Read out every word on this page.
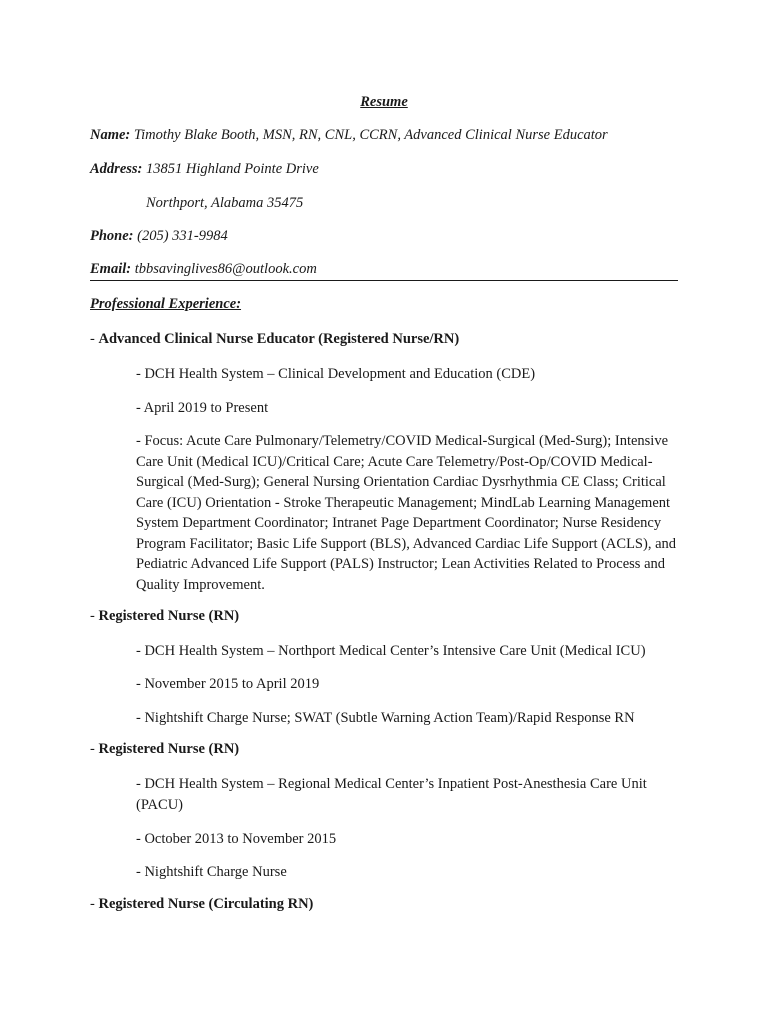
Resume
Name: Timothy Blake Booth, MSN, RN, CNL, CCRN, Advanced Clinical Nurse Educator
Address: 13851 Highland Pointe Drive
Northport, Alabama 35475
Phone: (205) 331-9984
Email: tbbsavinglives86@outlook.com
Professional Experience:
- Advanced Clinical Nurse Educator (Registered Nurse/RN)
- DCH Health System – Clinical Development and Education (CDE)
- April 2019 to Present
- Focus: Acute Care Pulmonary/Telemetry/COVID Medical-Surgical (Med-Surg); Intensive Care Unit (Medical ICU)/Critical Care; Acute Care Telemetry/Post-Op/COVID Medical-Surgical (Med-Surg); General Nursing Orientation Cardiac Dysrhythmia CE Class; Critical Care (ICU) Orientation - Stroke Therapeutic Management; MindLab Learning Management System Department Coordinator; Intranet Page Department Coordinator; Nurse Residency Program Facilitator; Basic Life Support (BLS), Advanced Cardiac Life Support (ACLS), and Pediatric Advanced Life Support (PALS) Instructor; Lean Activities Related to Process and Quality Improvement.
- Registered Nurse (RN)
- DCH Health System – Northport Medical Center’s Intensive Care Unit (Medical ICU)
- November 2015 to April 2019
- Nightshift Charge Nurse; SWAT (Subtle Warning Action Team)/Rapid Response RN
- Registered Nurse (RN)
- DCH Health System – Regional Medical Center’s Inpatient Post-Anesthesia Care Unit (PACU)
- October 2013 to November 2015
- Nightshift Charge Nurse
- Registered Nurse (Circulating RN)
